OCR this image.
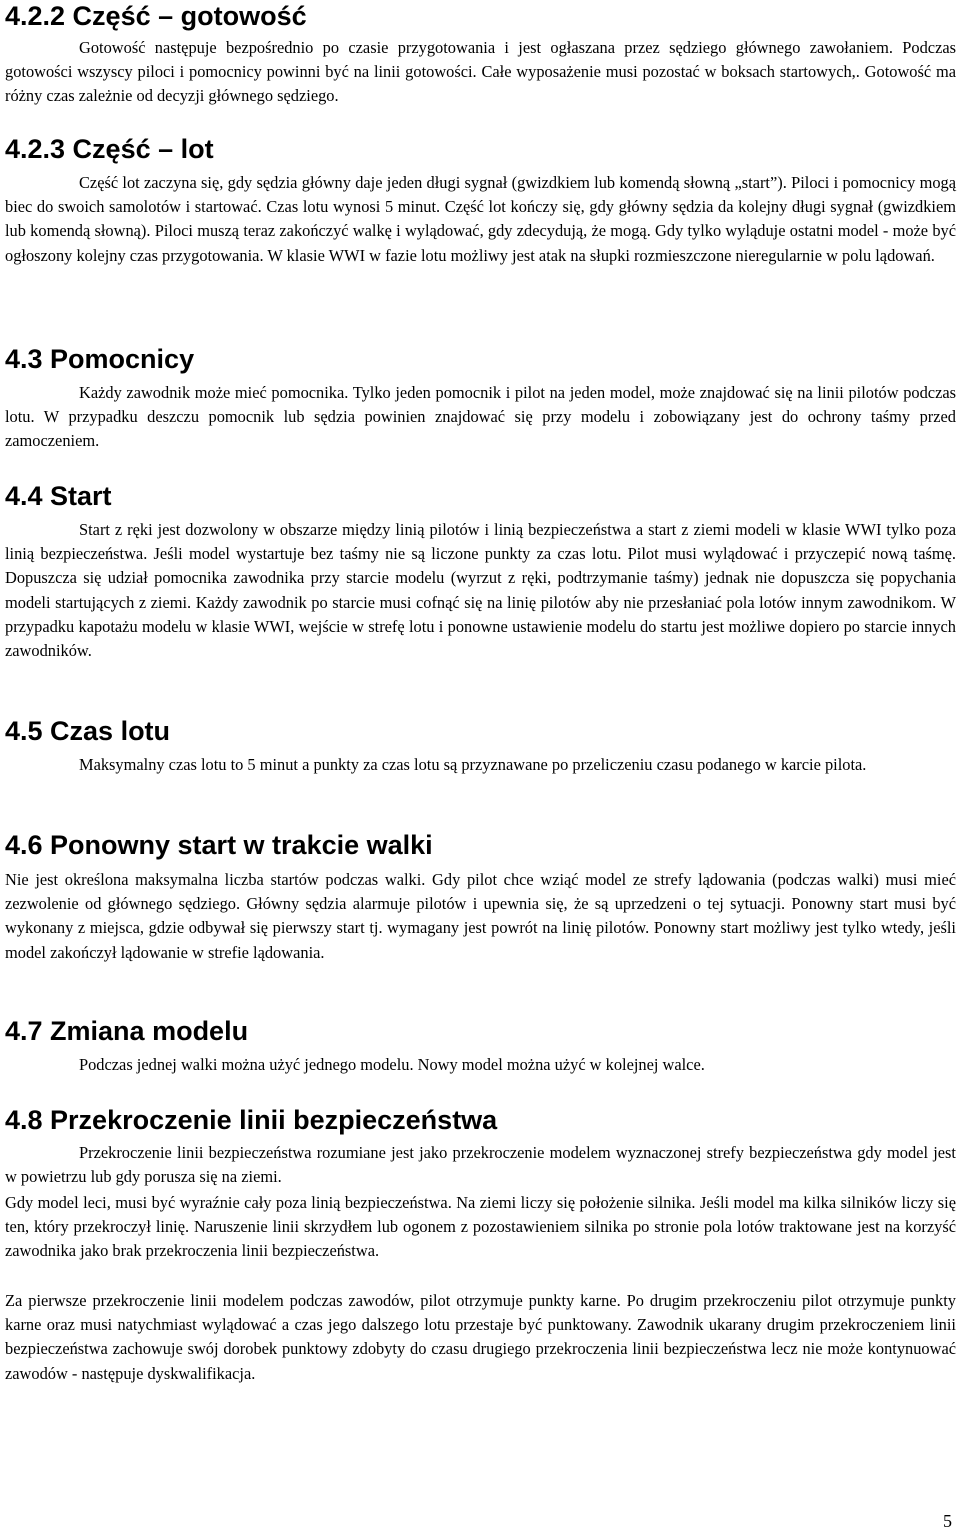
4.2.2 Część – gotowość

Gotowość następuje bezpośrednio po czasie przygotowania i jest ogłaszana przez sędziego głównego zawołaniem. Podczas gotowości wszyscy piloci i pomocnicy powinni być na linii gotowości. Całe wyposażenie musi pozostać w boksach startowych,. Gotowość ma różny czas zależnie od decyzji głównego sędziego.

4.2.3 Część – lot

Część lot zaczyna się, gdy sędzia główny daje jeden długi sygnał (gwizdkiem lub komendą słowną „start”). Piloci i pomocnicy mogą biec do swoich samolotów i startować. Czas lotu wynosi 5 minut. Część lot kończy się, gdy główny sędzia da kolejny długi sygnał (gwizdkiem lub komendą słowną). Piloci muszą teraz zakończyć walkę i wylądować, gdy zdecydują, że mogą. Gdy tylko wyląduje ostatni model - może być ogłoszony kolejny czas przygotowania. W klasie WWI w fazie lotu możliwy jest atak na słupki rozmieszczone nieregularnie w polu lądowań.

4.3 Pomocnicy

Każdy zawodnik może mieć pomocnika. Tylko jeden pomocnik i pilot na jeden model, może znajdować się na linii pilotów podczas lotu. W przypadku deszczu pomocnik lub sędzia powinien znajdować się przy modelu i zobowiązany jest do ochrony taśmy przed zamoczeniem.

4.4 Start

Start z ręki jest dozwolony w obszarze między linią pilotów i linią bezpieczeństwa a start z ziemi modeli w klasie WWI tylko poza linią bezpieczeństwa. Jeśli model wystartuje bez taśmy nie są liczone punkty za czas lotu. Pilot musi wylądować i przyczepić nową taśmę. Dopuszcza się udział pomocnika zawodnika przy starcie modelu (wyrzut z ręki, podtrzymanie taśmy) jednak nie dopuszcza się popychania modeli startujących z ziemi. Każdy zawodnik po starcie musi cofnąć się na linię pilotów aby nie przesłaniać pola lotów innym zawodnikom. W przypadku kapotażu modelu w klasie WWI, wejście w strefę lotu i ponowne ustawienie modelu do startu jest możliwe dopiero po starcie innych zawodników.

4.5 Czas lotu

Maksymalny czas lotu to 5 minut a punkty za czas lotu są przyznawane po przeliczeniu czasu podanego w karcie pilota.

4.6 Ponowny start w trakcie walki

Nie jest określona maksymalna liczba startów podczas walki. Gdy pilot chce wziąć model ze strefy lądowania (podczas walki) musi mieć zezwolenie od głównego sędziego. Główny sędzia alarmuje pilotów i upewnia się, że są uprzedzeni o tej sytuacji. Ponowny start musi być wykonany z miejsca, gdzie odbywał się pierwszy start tj. wymagany jest powrót na linię pilotów. Ponowny start możliwy jest tylko wtedy, jeśli model zakończył lądowanie w strefie lądowania.

4.7 Zmiana modelu

Podczas jednej walki można użyć jednego modelu. Nowy model można użyć w kolejnej walce.

4.8 Przekroczenie linii bezpieczeństwa

Przekroczenie linii bezpieczeństwa rozumiane jest jako przekroczenie modelem wyznaczonej strefy bezpieczeństwa gdy model jest w powietrzu lub gdy porusza się na ziemi.

Gdy model leci, musi być wyraźnie cały poza linią bezpieczeństwa. Na ziemi liczy się położenie silnika. Jeśli model ma kilka silników liczy się ten, który przekroczył linię. Naruszenie linii skrzydłem lub ogonem z pozostawieniem silnika po stronie pola lotów traktowane jest na korzyść zawodnika jako brak przekroczenia linii bezpieczeństwa.

Za pierwsze przekroczenie linii modelem podczas zawodów, pilot otrzymuje punkty karne. Po drugim przekroczeniu pilot otrzymuje punkty karne oraz musi natychmiast wylądować a czas jego dalszego lotu przestaje być punktowany. Zawodnik ukarany drugim przekroczeniem linii bezpieczeństwa zachowuje swój dorobek punktowy zdobyty do czasu drugiego przekroczenia linii bezpieczeństwa lecz nie może kontynuować zawodów - następuje dyskwalifikacja.

5
